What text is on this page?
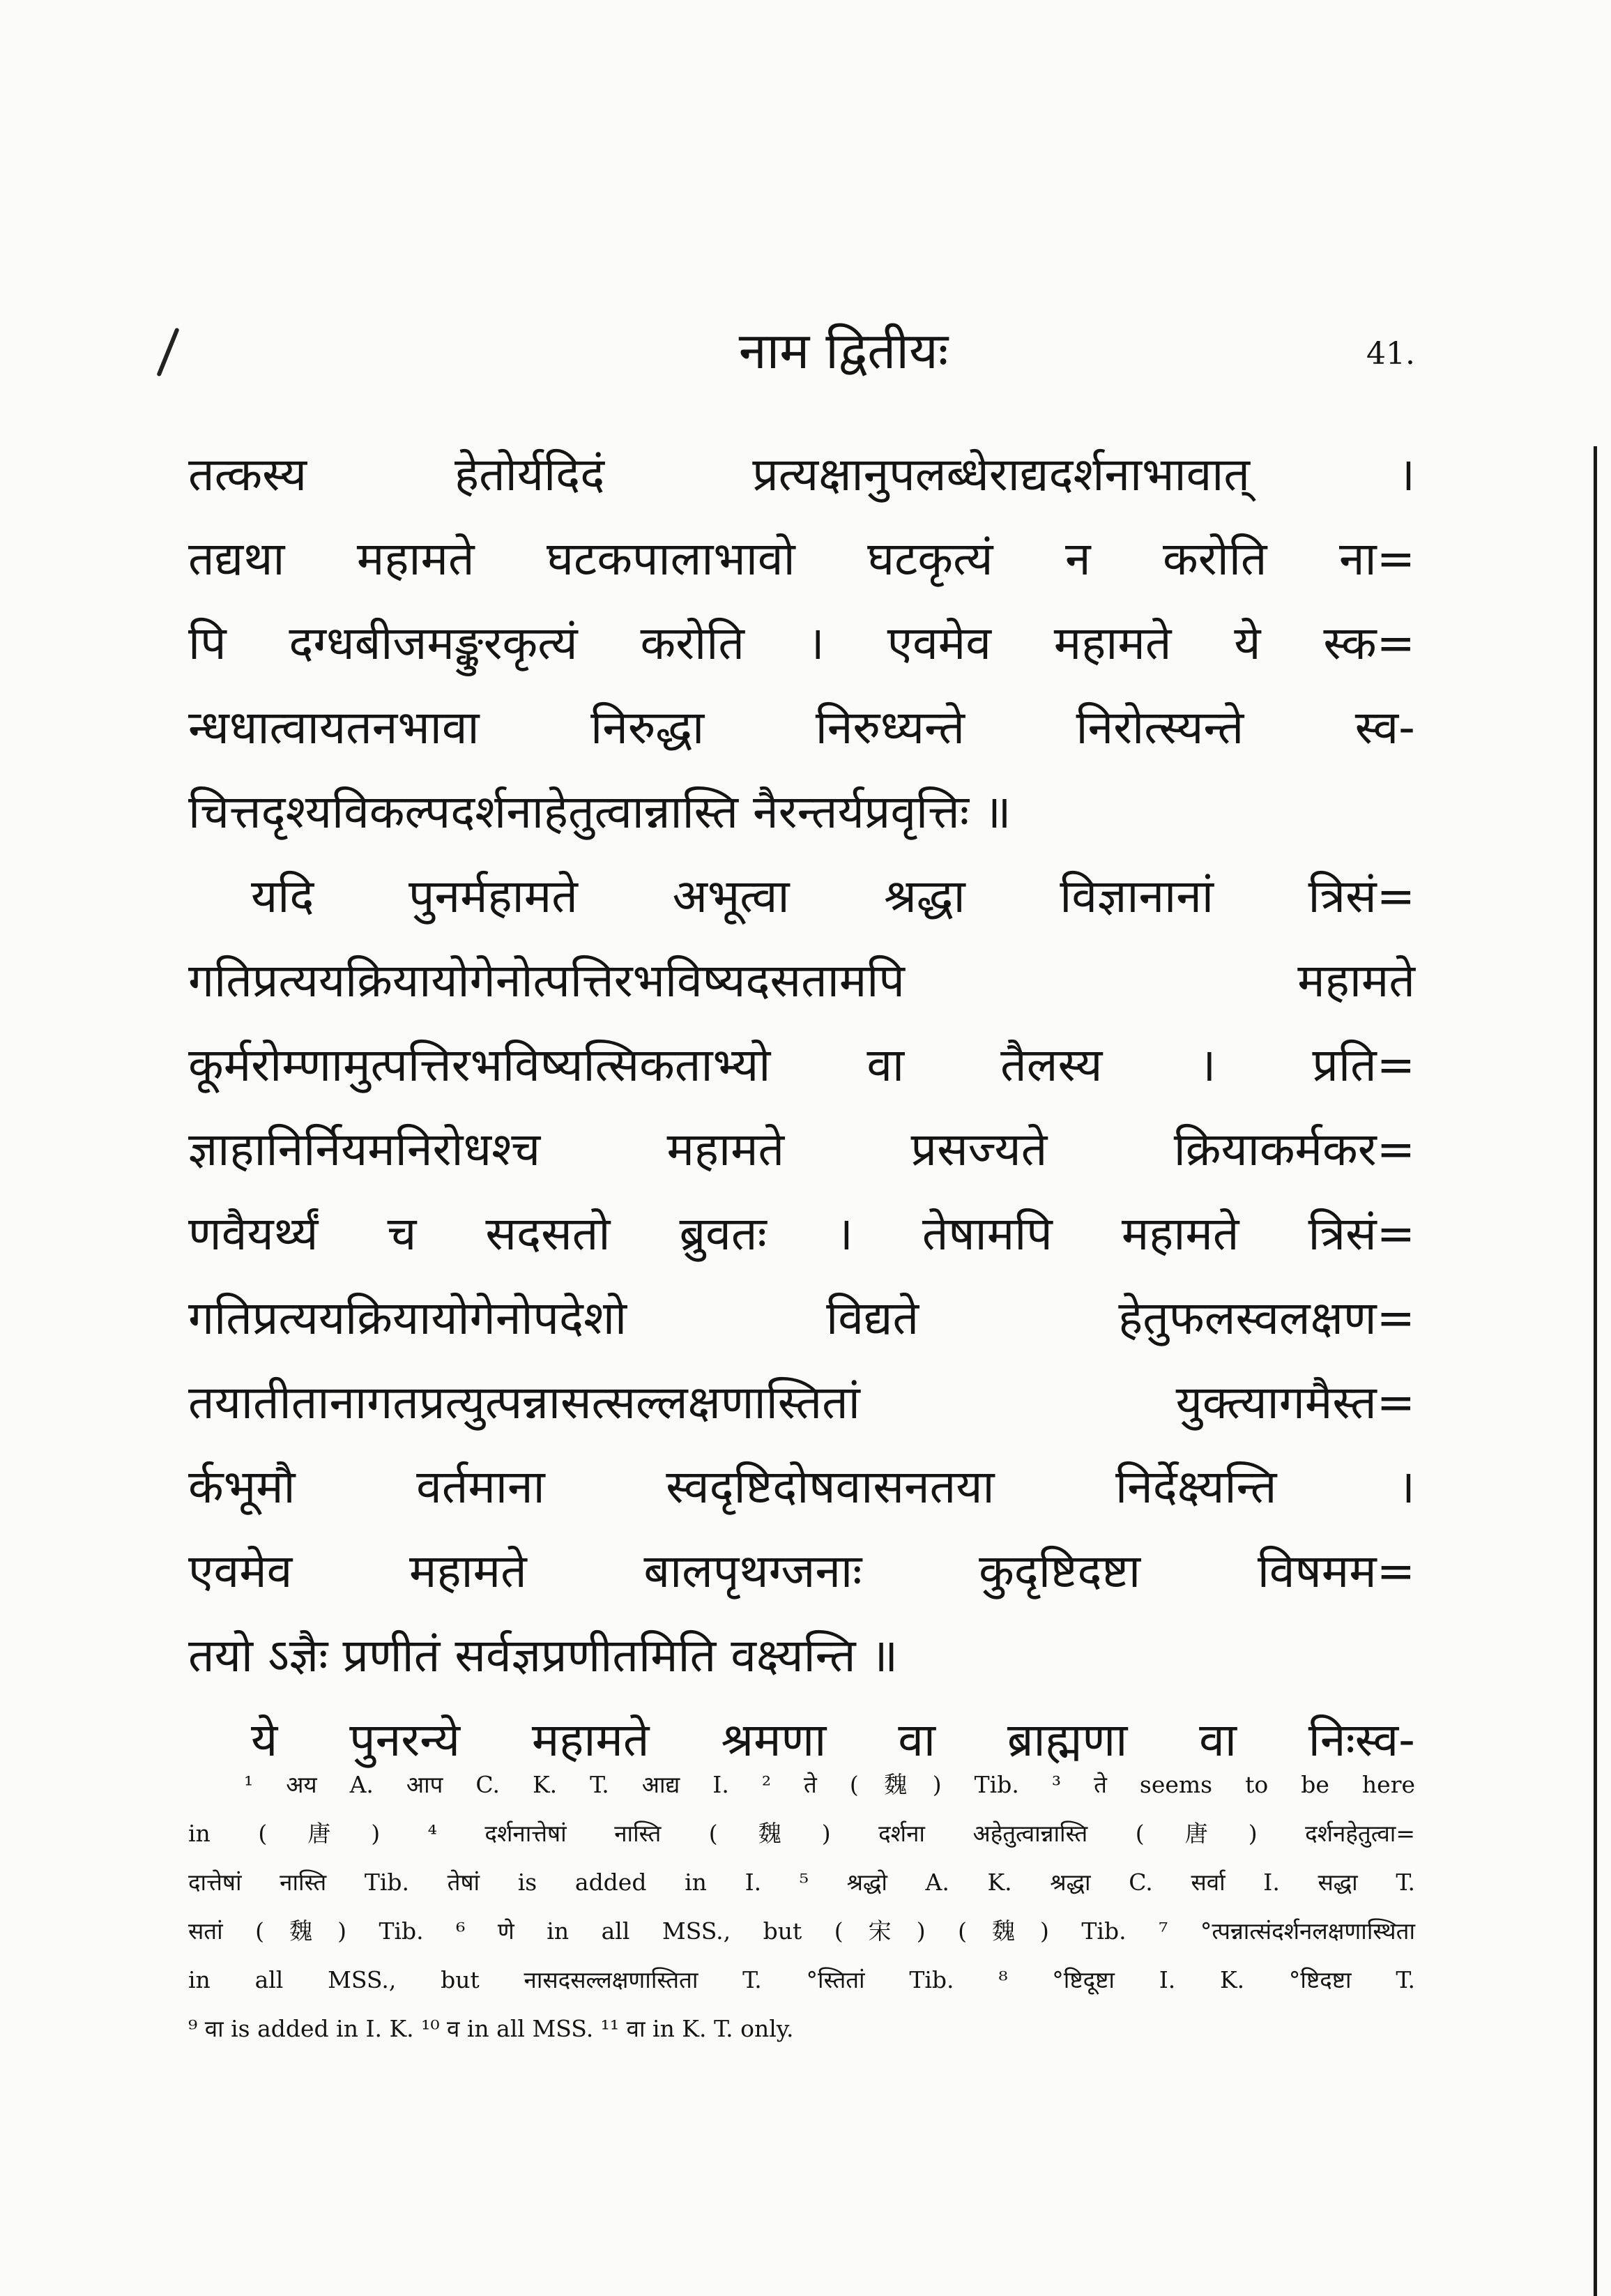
नाम द्वितीयः	41.
तत्कस्य हेतोर्यदिदं प्रत्यक्षानुपलब्धेराद्यदर्शनाभावात् ।
तद्यथा महामते घटकपालाभावो घटकृत्यं न करोति ना=
पि दग्धबीजमङ्कुरकृत्यं करोति । एवमेव महामते ये स्क=
न्धधात्वायतनभावा निरुद्धा निरुध्यन्ते निरोत्स्यन्ते स्व-
चित्तदृश्यविकल्पदर्शनाहेतुत्वान्नास्ति नैरन्तर्यप्रवृत्तिः ॥
यदि पुनर्महामते अभूत्वा श्रद्धा विज्ञानानां त्रिसं=
गतिप्रत्ययक्रियायोगेनोत्पत्तिरभविष्यदसतामपि महामते
कूर्मरोम्णामुत्पत्तिरभविष्यत्सिकताभ्यो वा तैलस्य । प्रति=
ज्ञाहानिर्नियमनिरोधश्च महामते प्रसज्यते क्रियाकर्मकर=
णवैयर्थ्यं च सदसतो ब्रुवतः । तेषामपि महामते त्रिसं=
गतिप्रत्ययक्रियायोगेनोपदेशो विद्यते हेतुफलस्वलक्षण=
तयातीतानागतप्रत्युत्पन्नासत्सल्लक्षणास्तितां युक्त्यागमैस्त=
र्कभूमौ वर्तमाना स्वदृष्टिदोषवासनतया निर्देक्ष्यन्ति ।
एवमेव महामते बालपृथग्जनाः कुदृष्टिदष्टा विषमम=
तयो ऽज्ञैः प्रणीतं सर्वज्ञप्रणीतमिति वक्ष्यन्ति ॥
ये पुनरन्ये महामते श्रमणा वा ब्राह्मणा वा निःस्व-
¹ अय A. आप C. K. T. आद्य I. ² ते (魏) Tib. ³ ते seems to be here
in (唐) ⁴ दर्शनात्तेषां नास्ति (魏) दर्शना अहेतुत्वान्नास्ति (唐) दर्शनहेतुत्वा=
दात्तेषां नास्ति Tib. तेषां is added in I. ⁵ श्रद्धो A. K. श्रद्धा C. सर्वा I. सद्धा T.
सतां (魏) Tib. ⁶ णे in all MSS., but (宋) (魏) Tib. ⁷ °त्पन्नात्संदर्शनलक्षणास्थिता
in all MSS., but नासदसल्लक्षणास्तिता T. °स्तितां Tib. ⁸ °ष्टिदूष्टा I. K. °ष्टिदष्टा T.
⁹ वा is added in I. K. ¹⁰ व in all MSS. ¹¹ वा in K. T. only.
